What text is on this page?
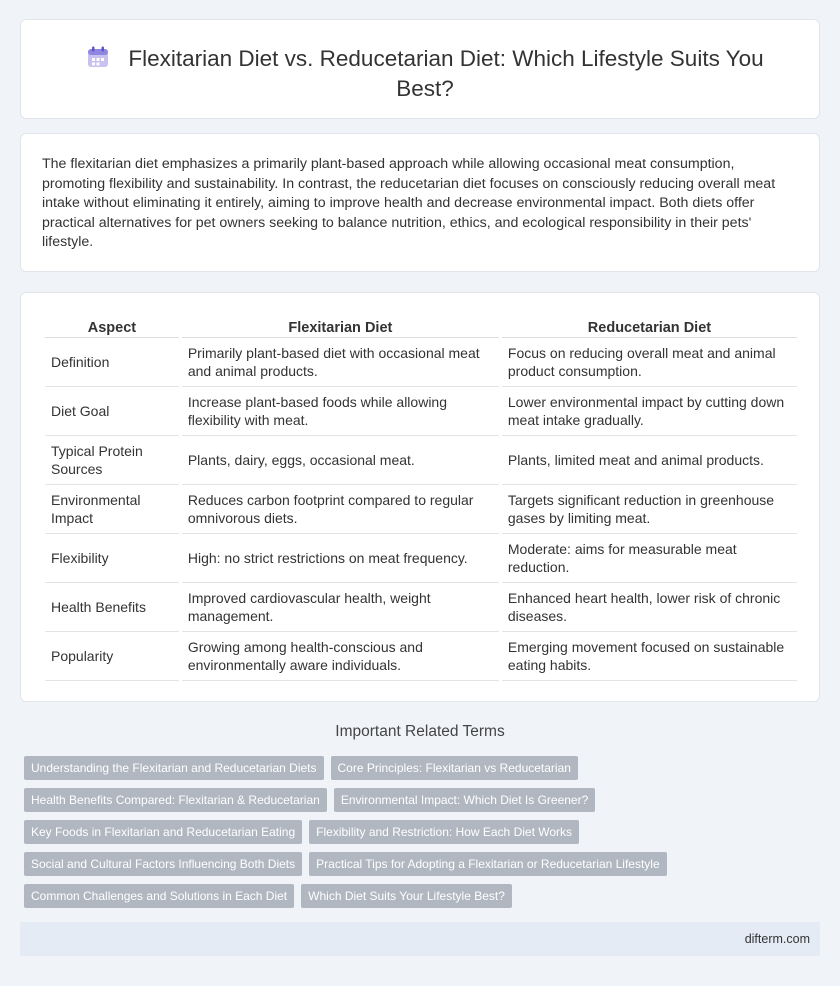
Flexitarian Diet vs. Reducetarian Diet: Which Lifestyle Suits You Best?

The flexitarian diet emphasizes a primarily plant-based approach while allowing occasional meat consumption, promoting flexibility and sustainability. In contrast, the reducetarian diet focuses on consciously reducing overall meat intake without eliminating it entirely, aiming to improve health and decrease environmental impact. Both diets offer practical alternatives for pet owners seeking to balance nutrition, ethics, and ecological responsibility in their pets' lifestyle.

Aspect	Flexitarian Diet	Reducetarian Diet
Definition	Primarily plant-based diet with occasional meat and animal products.	Focus on reducing overall meat and animal product consumption.
Diet Goal	Increase plant-based foods while allowing flexibility with meat.	Lower environmental impact by cutting down meat intake gradually.
Typical Protein Sources	Plants, dairy, eggs, occasional meat.	Plants, limited meat and animal products.
Environmental Impact	Reduces carbon footprint compared to regular omnivorous diets.	Targets significant reduction in greenhouse gases by limiting meat.
Flexibility	High: no strict restrictions on meat frequency.	Moderate: aims for measurable meat reduction.
Health Benefits	Improved cardiovascular health, weight management.	Enhanced heart health, lower risk of chronic diseases.
Popularity	Growing among health-conscious and environmentally aware individuals.	Emerging movement focused on sustainable eating habits.
Important Related Terms
Understanding the Flexitarian and Reducetarian Diets	Core Principles: Flexitarian vs Reducetarian
Health Benefits Compared: Flexitarian & Reducetarian	Environmental Impact: Which Diet Is Greener?
Key Foods in Flexitarian and Reducetarian Eating	Flexibility and Restriction: How Each Diet Works
Social and Cultural Factors Influencing Both Diets	Practical Tips for Adopting a Flexitarian or Reducetarian Lifestyle
Common Challenges and Solutions in Each Diet	Which Diet Suits Your Lifestyle Best?
difterm.com
